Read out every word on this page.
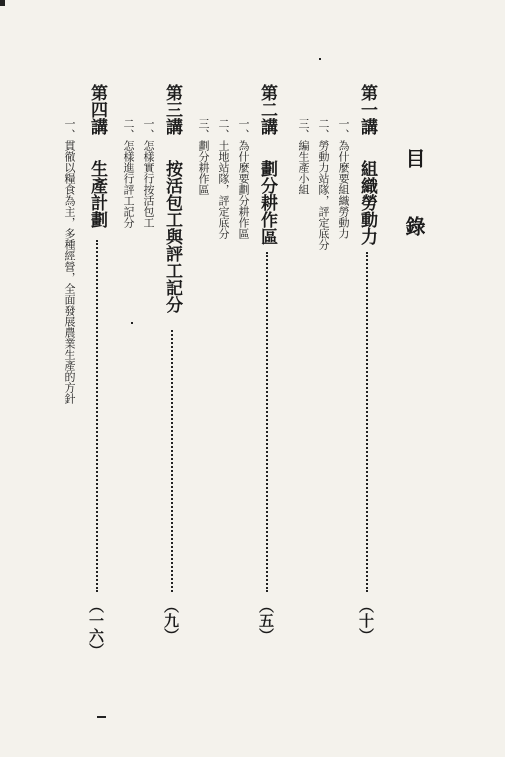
目 錄
第一講
組織勞動力
（十）
一、為什麼要組織勞動力
二、勞動力站隊，評定底分
三、編生產小組
第二講
劃分耕作區
（五）
一、為什麼要劃分耕作區
二、土地站隊，評定底分
三、劃分耕作區
第三講
按活包工與評工記分
（九）
一、怎樣實行按活包工
二、怎樣進行評工記分
第四講
生產計劃
（一六）
一、貫徹以糧食為主，多種經營，全面發展農業生產的方針
